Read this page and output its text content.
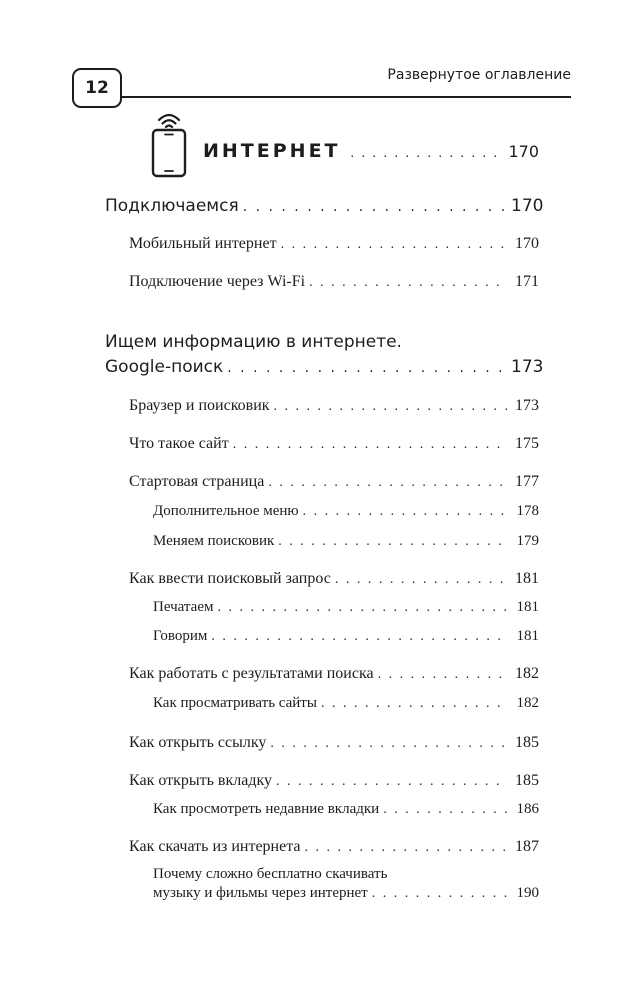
12
Развернутое оглавление
ИНТЕРНЕТ . . .	170
Подключаемся . . .	170
Мобильный интернет . . .	170
Подключение через Wi-Fi . . .	171
Ищем информацию в интернете.
Google-поиск . . .	173
Браузер и поисковик . . .	173
Что такое сайт . . .	175
Стартовая страница . . .	177
Дополнительное меню . . .	178
Меняем поисковик . . .	179
Как ввести поисковый запрос . . .	181
Печатаем . . .	181
Говорим . . .	181
Как работать с результатами поиска . . .	182
Как просматривать сайты . . .	182
Как открыть ссылку . . .	185
Как открыть вкладку . . .	185
Как просмотреть недавние вкладки . . .	186
Как скачать из интернета . . .	187
Почему сложно бесплатно скачивать
музыку и фильмы через интернет . . .	190
